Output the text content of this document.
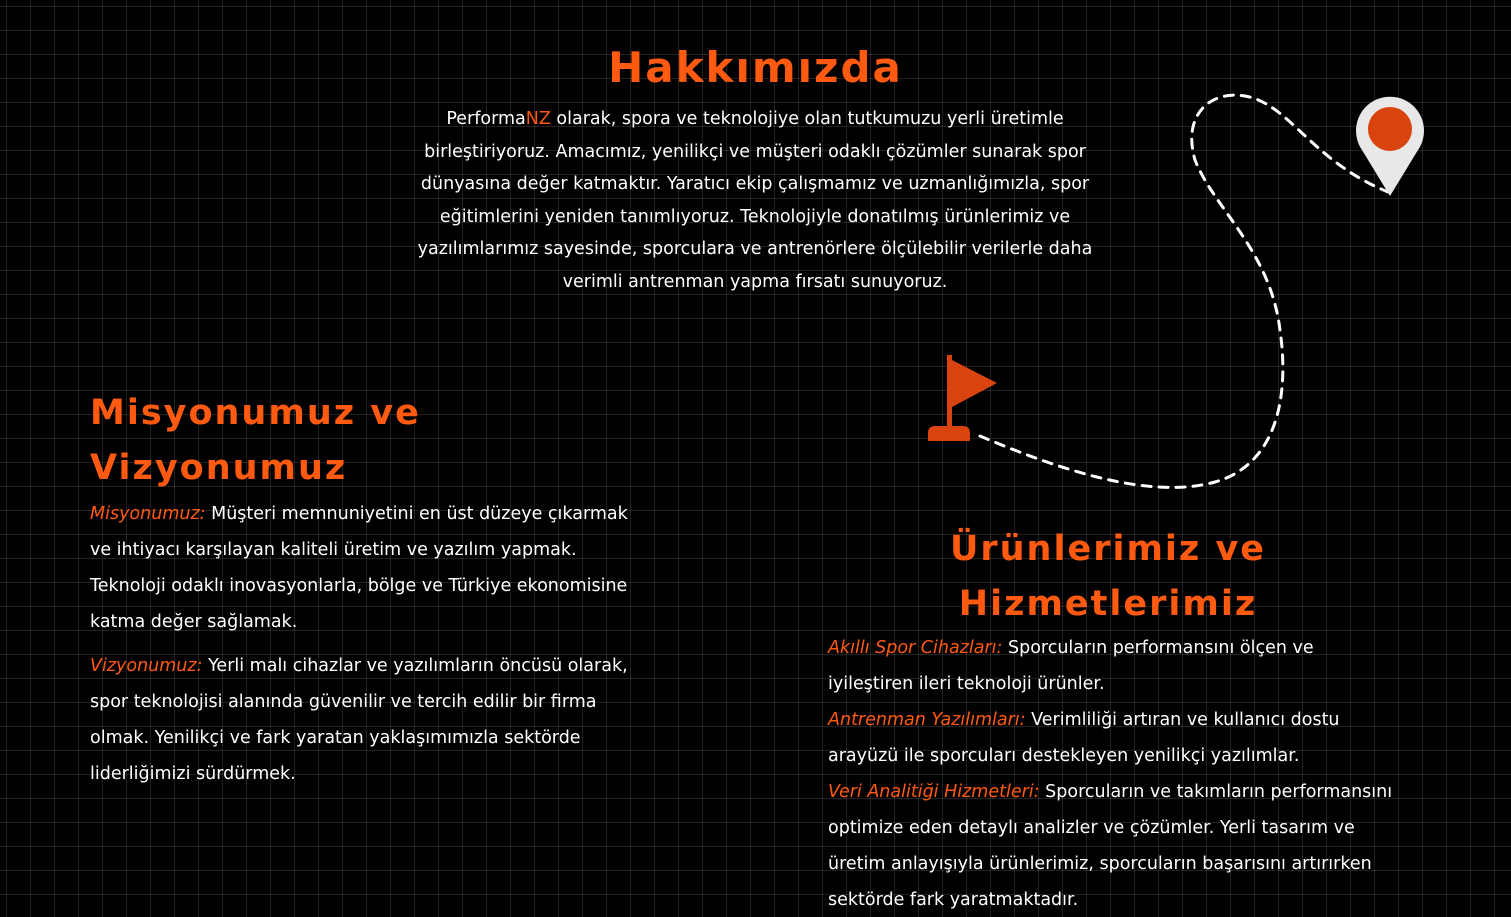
Hakkımızda

PerformaNZ olarak, spora ve teknolojiye olan tutkumuzu yerli üretimle birleştiriyoruz. Amacımız, yenilikçi ve müşteri odaklı çözümler sunarak spor dünyasına değer katmaktır. Yaratıcı ekip çalışmamız ve uzmanlığımızla, spor eğitimlerini yeniden tanımlıyoruz. Teknolojiyle donatılmış ürünlerimiz ve yazılımlarımız sayesinde, sporculara ve antrenörlere ölçülebilir verilerle daha verimli antrenman yapma fırsatı sunuyoruz.

Misyonumuz ve Vizyonumuz

Misyonumuz: Müşteri memnuniyetini en üst düzeye çıkarmak ve ihtiyacı karşılayan kaliteli üretim ve yazılım yapmak. Teknoloji odaklı inovasyonlarla, bölge ve Türkiye ekonomisine katma değer sağlamak.

Vizyonumuz: Yerli malı cihazlar ve yazılımların öncüsü olarak, spor teknolojisi alanında güvenilir ve tercih edilir bir firma olmak. Yenilikçi ve fark yaratan yaklaşımımızla sektörde liderliğimizi sürdürmek.

Ürünlerimiz ve Hizmetlerimiz

Akıllı Spor Cihazları: Sporcuların performansını ölçen ve iyileştiren ileri teknoloji ürünler.

Antrenman Yazılımları: Verimliliği artıran ve kullanıcı dostu arayüzü ile sporcuları destekleyen yenilikçi yazılımlar.

Veri Analitiği Hizmetleri: Sporcuların ve takımların performansını optimize eden detaylı analizler ve çözümler. Yerli tasarım ve üretim anlayışıyla ürünlerimiz, sporcuların başarısını artırırken sektörde fark yaratmaktadır.
